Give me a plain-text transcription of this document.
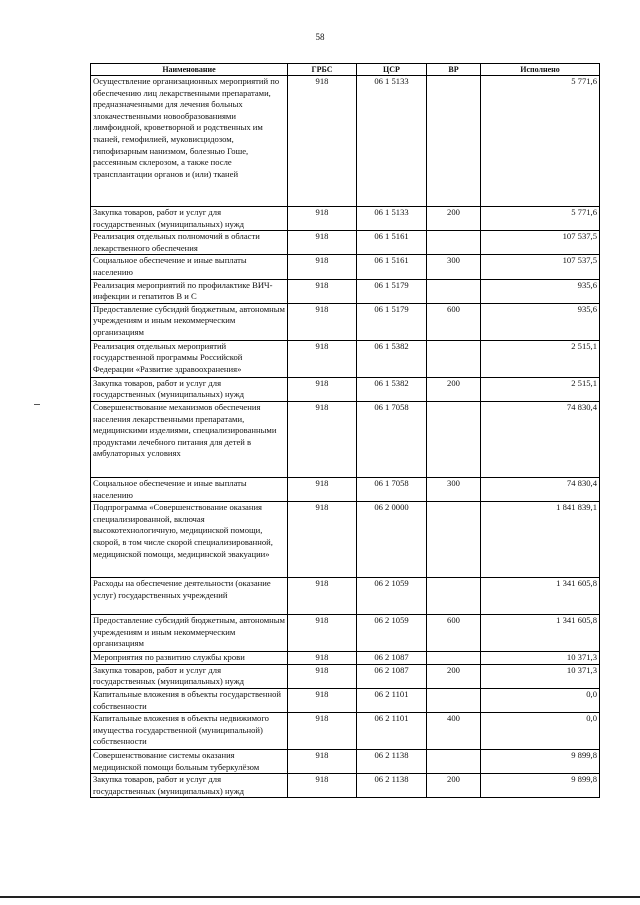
58
Наименование	ГРБС	ЦСР	ВР	Исполнено
Осуществление организационных мероприятий по обеспечению лиц лекарственными препаратами, предназначенными для лечения больных злокачественными новообразованиями лимфоидной, кроветворной и родственных им тканей, гемофилией, муковисцидозом, гипофизарным нанизмом, болезнью Гоше, рассеянным склерозом, а также после трансплантации органов и (или) тканей	918	06 1 5133		5 771,6
Закупка товаров, работ и услуг для государственных (муниципальных) нужд	918	06 1 5133	200	5 771,6
Реализация отдельных полномочий в области лекарственного обеспечения	918	06 1 5161		107 537,5
Социальное обеспечение и иные выплаты населению	918	06 1 5161	300	107 537,5
Реализация мероприятий по профилактике ВИЧ-инфекции и гепатитов В и С	918	06 1 5179		935,6
Предоставление субсидий бюджетным, автономным учреждениям и иным некоммерческим организациям	918	06 1 5179	600	935,6
Реализация отдельных мероприятий государственной программы Российской Федерации «Развитие здравоохранения»	918	06 1 5382		2 515,1
Закупка товаров, работ и услуг для государственных (муниципальных) нужд	918	06 1 5382	200	2 515,1
Совершенствование механизмов обеспечения населения лекарственными препаратами, медицинскими изделиями, специализированными продуктами лечебного питания для детей в амбулаторных условиях	918	06 1 7058		74 830,4
Социальное обеспечение и иные выплаты населению	918	06 1 7058	300	74 830,4
Подпрограмма «Совершенствование оказания специализированной, включая высокотехнологичную, медицинской помощи, скорой, в том числе скорой специализированной, медицинской помощи, медицинской эвакуации»	918	06 2 0000		1 841 839,1
Расходы на обеспечение деятельности (оказание услуг) государственных учреждений	918	06 2 1059		1 341 605,8
Предоставление субсидий бюджетным, автономным учреждениям и иным некоммерческим организациям	918	06 2 1059	600	1 341 605,8
Мероприятия по развитию службы крови	918	06 2 1087		10 371,3
Закупка товаров, работ и услуг для государственных (муниципальных) нужд	918	06 2 1087	200	10 371,3
Капитальные вложения в объекты государственной собственности	918	06 2 1101		0,0
Капитальные вложения в объекты недвижимого имущества государственной (муниципальной) собственности	918	06 2 1101	400	0,0
Совершенствование системы оказания медицинской помощи больным туберкулёзом	918	06 2 1138		9 899,8
Закупка товаров, работ и услуг для государственных (муниципальных) нужд	918	06 2 1138	200	9 899,8
